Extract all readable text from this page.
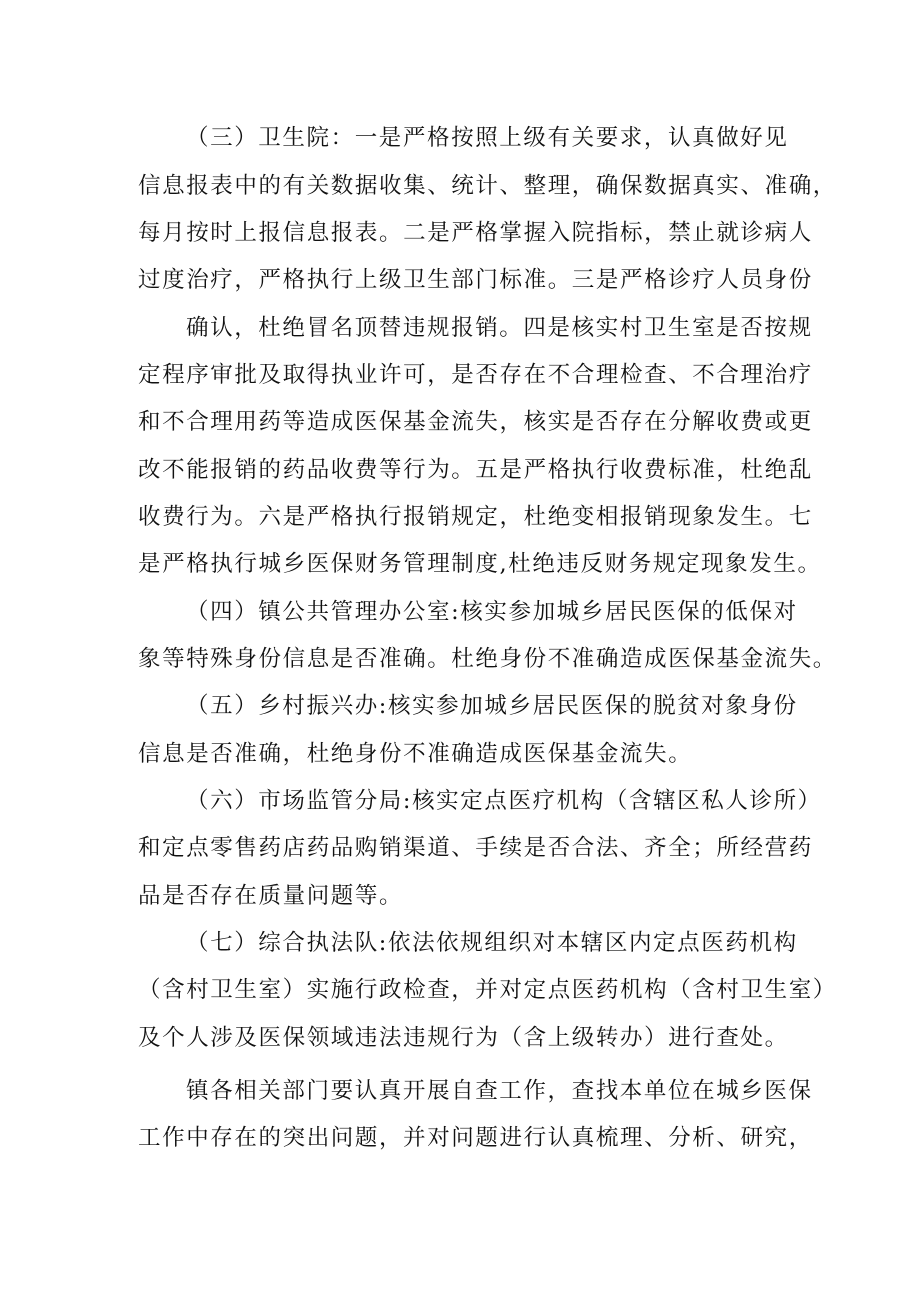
（三）卫生院：一是严格按照上级有关要求，认真做好见
信息报表中的有关数据收集、统计、整理，确保数据真实、准确，
每月按时上报信息报表。二是严格掌握入院指标，禁止就诊病人
过度治疗，严格执行上级卫生部门标准。三是严格诊疗人员身份
确认，杜绝冒名顶替违规报销。四是核实村卫生室是否按规
定程序审批及取得执业许可，是否存在不合理检查、不合理治疗
和不合理用药等造成医保基金流失，核实是否存在分解收费或更
改不能报销的药品收费等行为。五是严格执行收费标准，杜绝乱
收费行为。六是严格执行报销规定，杜绝变相报销现象发生。七
是严格执行城乡医保财务管理制度,杜绝违反财务规定现象发生。
（四）镇公共管理办公室:核实参加城乡居民医保的低保对
象等特殊身份信息是否准确。杜绝身份不准确造成医保基金流失。
（五）乡村振兴办:核实参加城乡居民医保的脱贫对象身份
信息是否准确，杜绝身份不准确造成医保基金流失。
（六）市场监管分局:核实定点医疗机构（含辖区私人诊所）
和定点零售药店药品购销渠道、手续是否合法、齐全；所经营药
品是否存在质量问题等。
（七）综合执法队:依法依规组织对本辖区内定点医药机构
（含村卫生室）实施行政检查，并对定点医药机构（含村卫生室）
及个人涉及医保领域违法违规行为（含上级转办）进行查处。
镇各相关部门要认真开展自查工作，查找本单位在城乡医保
工作中存在的突出问题，并对问题进行认真梳理、分析、研究，
